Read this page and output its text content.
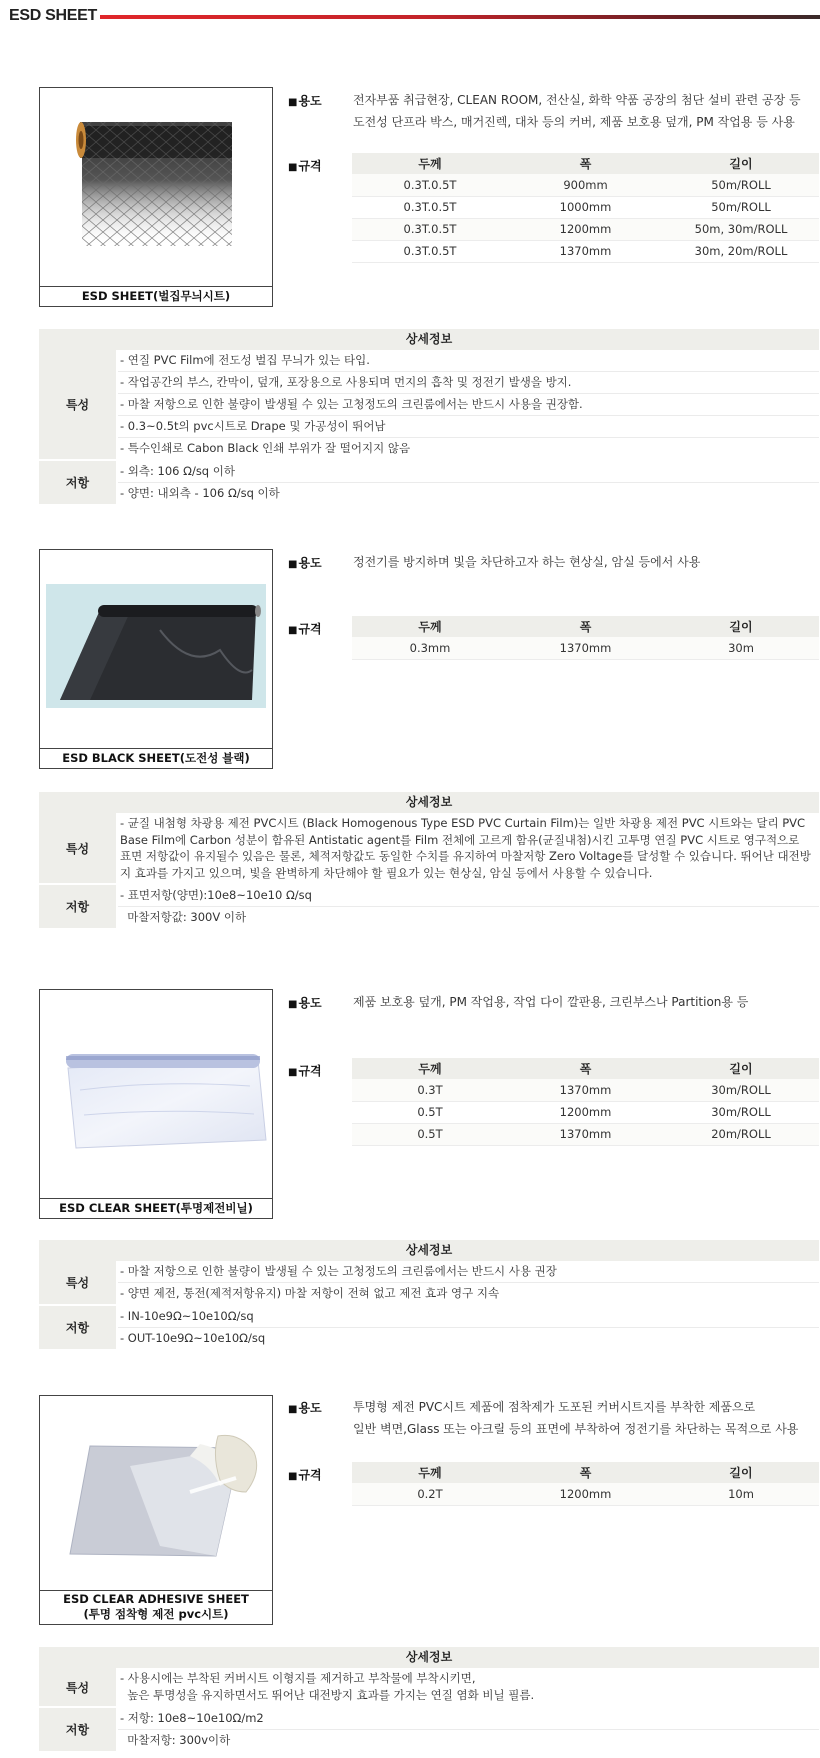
ESD SHEET
ESD SHEET(벌집무늬시트)
■ 용도	전자부품 취급현장, CLEAN ROOM, 전산실, 화학 약품 공장의 첨단 설비 관련 공장 등
도전성 단프라 박스, 매거진렉, 대차 등의 커버, 제품 보호용 덮개, PM 작업용 등 사용
■ 규격	두께	폭	길이
0.3T.0.5T	900mm	50m/ROLL
0.3T.0.5T	1000mm	50m/ROLL
0.3T.0.5T	1200mm	50m, 30m/ROLL
0.3T.0.5T	1370mm	30m, 20m/ROLL
상세정보
특성
- 연질 PVC Film에 전도성 벌집 무늬가 있는 타입.
- 작업공간의 부스, 칸막이, 덮개, 포장용으로 사용되며 먼지의 흡착 및 정전기 발생을 방지.
- 마찰 저항으로 인한 불량이 발생될 수 있는 고청정도의 크린룸에서는 반드시 사용을 권장함.
- 0.3~0.5t의 pvc시트로 Drape 및 가공성이 뛰어남
- 특수인쇄로 Cabon Black 인쇄 부위가 잘 떨어지지 않음
저항
- 외측: 106 Ω/sq 이하
- 양면: 내외측 - 106 Ω/sq 이하
ESD BLACK SHEET(도전성 블랙)
■ 용도	정전기를 방지하며 빛을 차단하고자 하는 현상실, 암실 등에서 사용
■ 규격	두께	폭	길이
0.3mm	1370mm	30m
상세정보
특성
- 균질 내첨형 차광용 제전 PVC시트 (Black Homogenous Type ESD PVC Curtain Film)는 일반 차광용 제전 PVC 시트와는 달리 PVC Base Film에 Carbon 성분이 함유된 Antistatic agent를 Film 전체에 고르게 함유(균질내첨)시킨 고투명 연질 PVC 시트로 영구적으로 표면 저항값이 유지될수 있음은 물론, 체적저항값도 동일한 수치를 유지하여 마찰저항 Zero Voltage를 달성할 수 있습니다. 뛰어난 대전방지 효과를 가지고 있으며, 빛을 완벽하게 차단해야 할 필요가 있는 현상실, 암실 등에서 사용할 수 있습니다.
저항
- 표면저항(양면):10e8~10e10 Ω/sq
마찰저항값: 300V 이하
ESD CLEAR SHEET(투명제전비닐)
■ 용도	제품 보호용 덮개, PM 작업용, 작업 다이 깔판용, 크린부스나 Partition용 등
■ 규격	두께	폭	길이
0.3T	1370mm	30m/ROLL
0.5T	1200mm	30m/ROLL
0.5T	1370mm	20m/ROLL
상세정보
특성
- 마찰 저항으로 인한 불량이 발생될 수 있는 고청정도의 크린룸에서는 반드시 사용 권장
- 양면 제전, 통전(제적저항유지) 마찰 저항이 전혀 없고 제전 효과 영구 지속
저항
- IN-10e9Ω~10e10Ω/sq
- OUT-10e9Ω~10e10Ω/sq
ESD CLEAR ADHESIVE SHEET
(투명 점착형 제전 pvc시트)
■ 용도	투명형 제전 PVC시트 제품에 점착제가 도포된 커버시트지를 부착한 제품으로
일반 벽면,Glass 또는 아크릴 등의 표면에 부착하여 정전기를 차단하는 목적으로 사용
■ 규격	두께	폭	길이
0.2T	1200mm	10m
상세정보
특성
- 사용시에는 부착된 커버시트 이형지를 제거하고 부착물에 부착시키면,
높은 투명성을 유지하면서도 뛰어난 대전방지 효과를 가지는 연질 염화 비닐 필름.
저항
- 저항: 10e8~10e10Ω/m2
마찰저항: 300v이하
